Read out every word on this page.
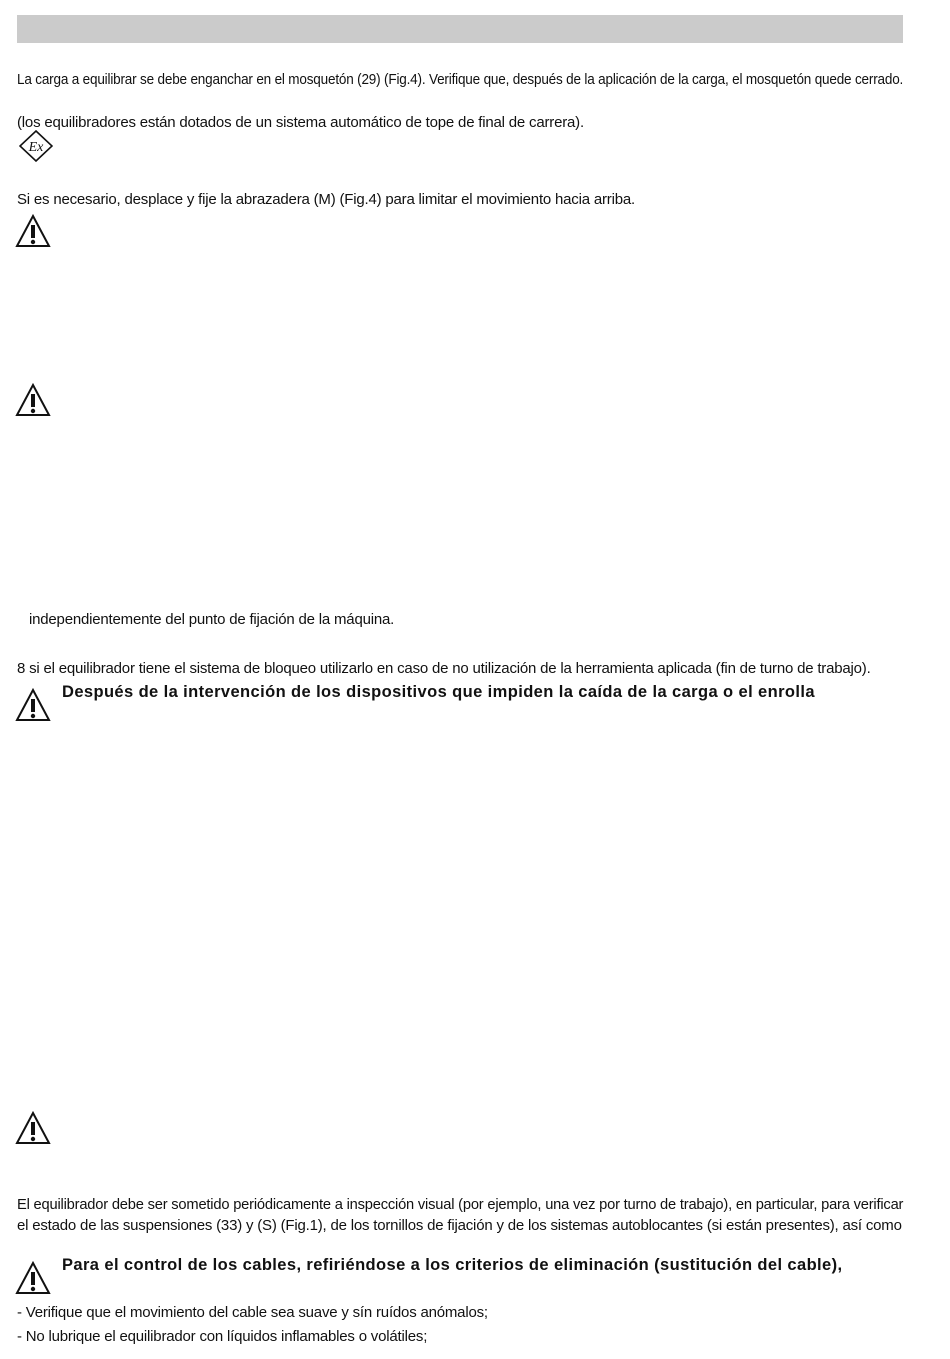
La carga a equilibrar se debe enganchar en el mosquetón (29) (Fig.4). Verifique que, después de la aplicación de la carga, el mosquetón quede cerrado.
(los equilibradores están dotados de un sistema automático de tope de final de carrera).
Ex
Si es necesario, desplace y fije la abrazadera (M) (Fig.4) para limitar el movimiento hacia arriba.
independientemente del punto de fijación de la máquina.
8 si el equilibrador tiene el sistema de bloqueo utilizarlo en caso de no utilización de la herramienta aplicada (fin de turno de trabajo).
Después de la intervención de los dispositivos que impiden la caída de la carga o el enrolla
El equilibrador debe ser sometido periódicamente a inspección visual (por ejemplo, una vez por turno de trabajo), en particular, para verificar
el estado de las suspensiones (33) y (S) (Fig.1), de los tornillos de fijación y de los sistemas autoblocantes (si están presentes), así como
Para el control de los cables, refiriéndose a los criterios de eliminación (sustitución del cable),
- Verifique que el movimiento del cable sea suave y sín ruídos anómalos;
- No lubrique el equilibrador con líquidos inflamables o volátiles;
